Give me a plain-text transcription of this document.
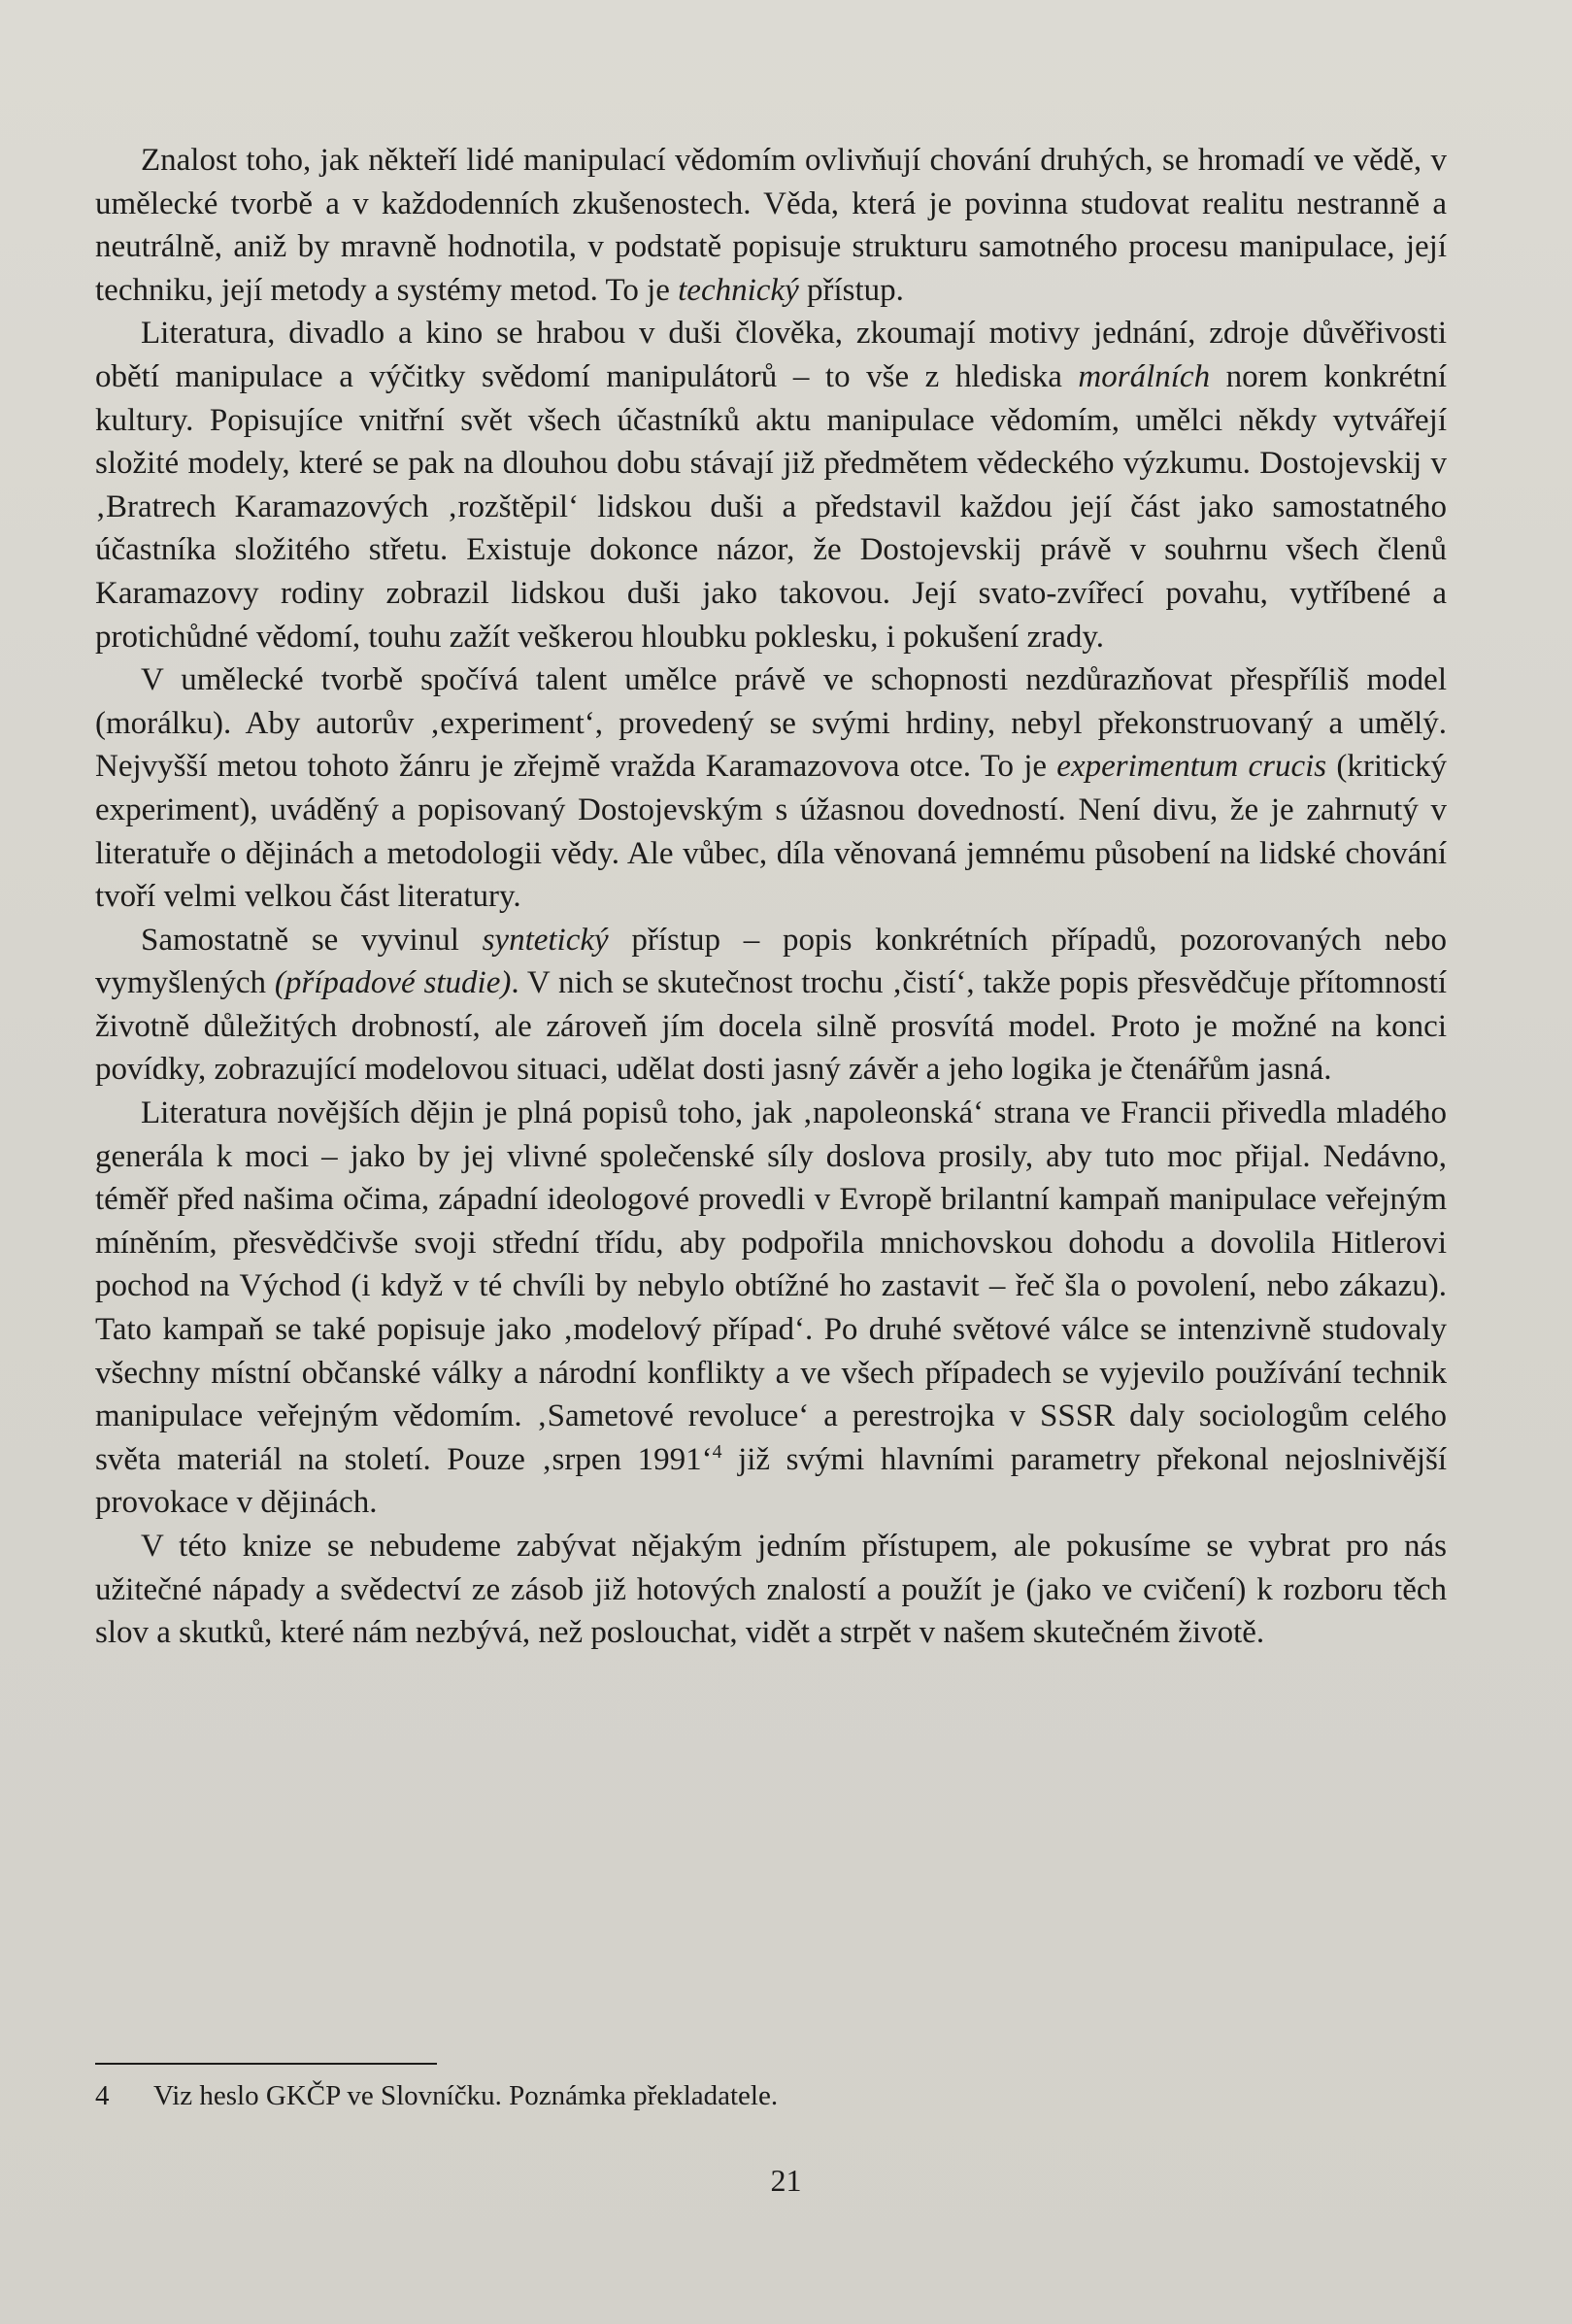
Znalost toho, jak někteří lidé manipulací vědomím ovlivňují chování druhých, se hromadí ve vědě, v umělecké tvorbě a v každodenních zkušenostech. Věda, která je povinna studovat realitu nestranně a neutrálně, aniž by mravně hodnotila, v podstatě popisuje strukturu samotného procesu manipulace, její techniku, její metody a systémy metod. To je technický přístup.

Literatura, divadlo a kino se hrabou v duši člověka, zkoumají motivy jednání, zdroje důvěřivosti obětí manipulace a výčitky svědomí manipulátorů – to vše z hlediska morálních norem konkrétní kultury. Popisujíce vnitřní svět všech účastníků aktu manipulace vědomím, umělci někdy vytvářejí složité modely, které se pak na dlouhou dobu stávají již předmětem vědeckého výzkumu. Dostojevskij v ‚Bratrech Karamazových ‚rozštěpil‘ lidskou duši a představil každou její část jako samostatného účastníka složitého střetu. Existuje dokonce názor, že Dostojevskij právě v souhrnu všech členů Karamazovy rodiny zobrazil lidskou duši jako takovou. Její svato-zvířecí povahu, vytříbené a protichůdné vědomí, touhu zažít veškerou hloubku poklesku, i pokušení zrady.

V umělecké tvorbě spočívá talent umělce právě ve schopnosti nezdůrazňovat přespříliš model (morálku). Aby autorův ‚experiment‘, provedený se svými hrdiny, nebyl překonstruovaný a umělý. Nejvyšší metou tohoto žánru je zřejmě vražda Karamazovova otce. To je experimentum crucis (kritický experiment), uváděný a popisovaný Dostojevským s úžasnou dovedností. Není divu, že je zahrnutý v literatuře o dějinách a metodologii vědy. Ale vůbec, díla věnovaná jemnému působení na lidské chování tvoří velmi velkou část literatury.

Samostatně se vyvinul syntetický přístup – popis konkrétních případů, pozorovaných nebo vymyšlených (případové studie). V nich se skutečnost trochu ‚čistí‘, takže popis přesvědčuje přítomností životně důležitých drobností, ale zároveň jím docela silně prosvítá model. Proto je možné na konci povídky, zobrazující modelovou situaci, udělat dosti jasný závěr a jeho logika je čtenářům jasná.

Literatura novějších dějin je plná popisů toho, jak ‚napoleonská‘ strana ve Francii přivedla mladého generála k moci – jako by jej vlivné společenské síly doslova prosily, aby tuto moc přijal. Nedávno, téměř před našima očima, západní ideologové provedli v Evropě brilantní kampaň manipulace veřejným míněním, přesvědčivše svoji střední třídu, aby podpořila mnichovskou dohodu a dovolila Hitlerovi pochod na Východ (i když v té chvíli by nebylo obtížné ho zastavit – řeč šla o povolení, nebo zákazu). Tato kampaň se také popisuje jako ‚modelový případ‘. Po druhé světové válce se intenzivně studovaly všechny místní občanské války a národní konflikty a ve všech případech se vyjevilo používání technik manipulace veřejným vědomím. ‚Sametové revoluce‘ a perestrojka v SSSR daly sociologům celého světa materiál na století. Pouze ‚srpen 1991‘$^4$ již svými hlavními parametry překonal nejoslnivější provokace v dějinách.

V této knize se nebudeme zabývat nějakým jedním přístupem, ale pokusíme se vybrat pro nás užitečné nápady a svědectví ze zásob již hotových znalostí a použít je (jako ve cvičení) k rozboru těch slov a skutků, které nám nezbývá, než poslouchat, vidět a strpět v našem skutečném životě.

4 Viz heslo GKČP ve Slovníčku. Poznámka překladatele.
21
